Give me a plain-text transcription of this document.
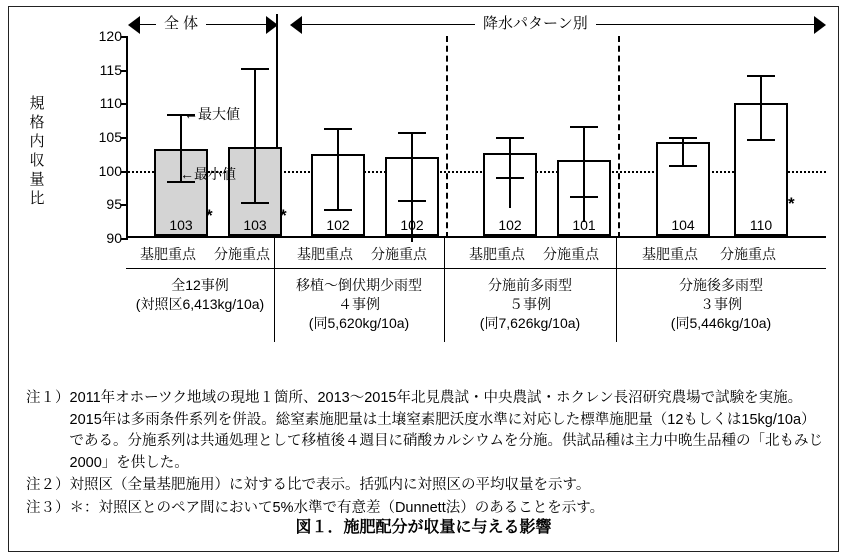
全 体	降水パターン別
規
格
内
収
量
比
120
115
110
105
100
95
90
103 *	103 *	102	102	102	101	104	110
*
←最大値
←最小値
基肥重点	分施重点	基肥重点	分施重点	基肥重点	分施重点	基肥重点	分施重点
全12事例
(対照区6,413kg/10a)
移植〜倒伏期少雨型
４事例
(同5,620kg/10a)
分施前多雨型
５事例
(同7,626kg/10a)
分施後多雨型
３事例
(同5,446kg/10a)
注１） 2011年オホーツク地域の現地１箇所、2013〜2015年北見農試・中央農試・ホクレン長沼研究農場で試験を実施。2015年は多雨条件系列を併設。総窒素施肥量は土壌窒素肥沃度水準に対応した標準施肥量（12もしくは15kg/10a）である。分施系列は共通処理として移植後４週目に硝酸カルシウムを分施。供試品種は主力中晩生品種の「北もみじ2000」を供した。
注２） 対照区（全量基肥施用）に対する比で表示。括弧内に対照区の平均収量を示す。
注３） ＊：対照区とのペア間において5%水準で有意差（Dunnett法）のあることを示す。
図１．施肥配分が収量に与える影響
